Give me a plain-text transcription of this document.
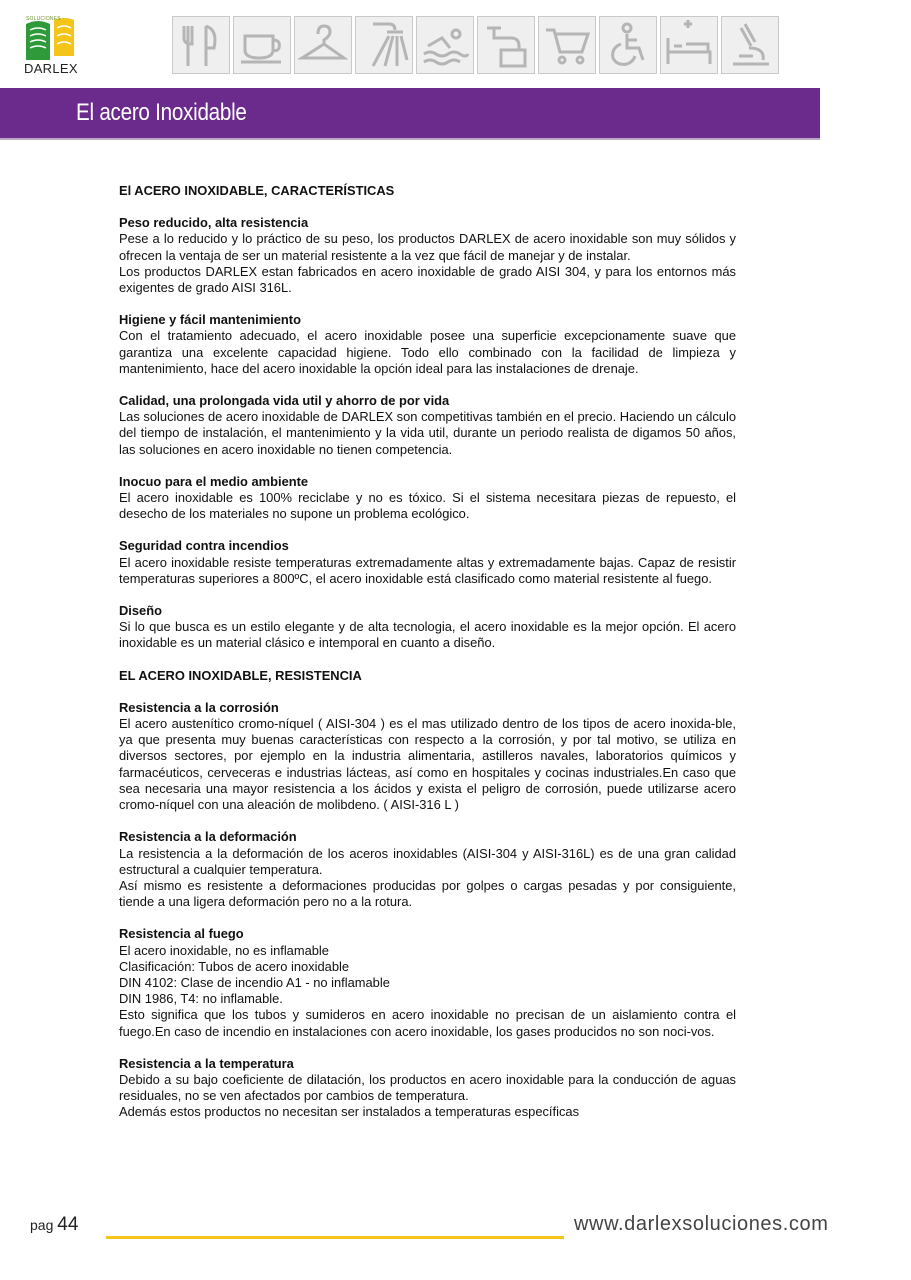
SOLUCIONES
DARLEX
El acero Inoxidable

El ACERO INOXIDABLE, CARACTERÍSTICAS

Peso reducido, alta resistencia

Pese a lo reducido y lo práctico de su peso, los productos DARLEX de acero inoxidable son muy sólidos y ofrecen la ventaja de ser un material resistente a la vez que fácil de manejar y de instalar.

Los productos DARLEX estan fabricados en acero inoxidable de grado AISI 304, y para los entornos más exigentes de grado AISI 316L.

Higiene y fácil mantenimiento

Con el tratamiento adecuado, el acero inoxidable posee una superficie excepcionamente suave que garantiza una excelente capacidad higiene. Todo ello combinado con la facilidad de limpieza y mantenimiento, hace del acero inoxidable la opción ideal para las instalaciones de drenaje.

Calidad, una prolongada vida util y ahorro de por vida

Las soluciones de acero inoxidable de DARLEX son competitivas también en el precio. Haciendo un cálculo del tiempo de instalación, el mantenimiento y la vida util, durante un periodo realista de digamos 50 años, las soluciones en acero inoxidable no tienen competencia.

Inocuo para el medio ambiente

El acero inoxidable es 100% reciclabe y no es tóxico. Si el sistema necesitara piezas de repuesto, el desecho de los materiales no supone un problema ecológico.

Seguridad contra incendios

El acero inoxidable resiste temperaturas extremadamente altas y extremadamente bajas. Capaz de resistir temperaturas superiores a 800ºC, el acero inoxidable está clasificado como material resistente al fuego.

Diseño

Si lo que busca es un estilo elegante y de alta tecnologia, el acero inoxidable es la mejor opción. El acero inoxidable es un material clásico e intemporal en cuanto a diseño.

EL ACERO INOXIDABLE, RESISTENCIA

Resistencia a la corrosión

El acero austenítico cromo-níquel ( AISI-304 ) es el mas utilizado dentro de los tipos de acero inoxida-ble, ya que presenta muy buenas características con respecto a la corrosión, y por tal motivo, se utiliza en diversos sectores, por ejemplo en la industria alimentaria, astilleros navales, laboratorios químicos y farmacéuticos, cerveceras e industrias lácteas, así como en hospitales y cocinas industriales.En caso que sea necesaria una mayor resistencia a los ácidos y exista el peligro de corrosión, puede utilizarse acero cromo-níquel con una aleación de molibdeno. ( AISI-316 L )

Resistencia a la deformación

La resistencia a la deformación de los aceros inoxidables (AISI-304 y AISI-316L) es de una gran calidad estructural a cualquier temperatura.

Así mismo es resistente a deformaciones producidas por golpes o cargas pesadas y por consiguiente, tiende a una ligera deformación pero no a la rotura.

Resistencia al fuego

El acero inoxidable, no es inflamable

Clasificación: Tubos de acero inoxidable

DIN 4102: Clase de incendio A1 - no inflamable

DIN 1986, T4: no inflamable.

Esto significa que los tubos y sumideros en acero inoxidable no precisan de un aislamiento contra el fuego.En caso de incendio en instalaciones con acero inoxidable, los gases producidos no son noci-vos.

Resistencia a la temperatura

Debido a su bajo coeficiente de dilatación, los productos en acero inoxidable para la conducción de aguas residuales, no se ven afectados por cambios de temperatura.

Además estos productos no necesitan ser instalados a temperaturas específicas

pag 44	www.darlexsoluciones.com
